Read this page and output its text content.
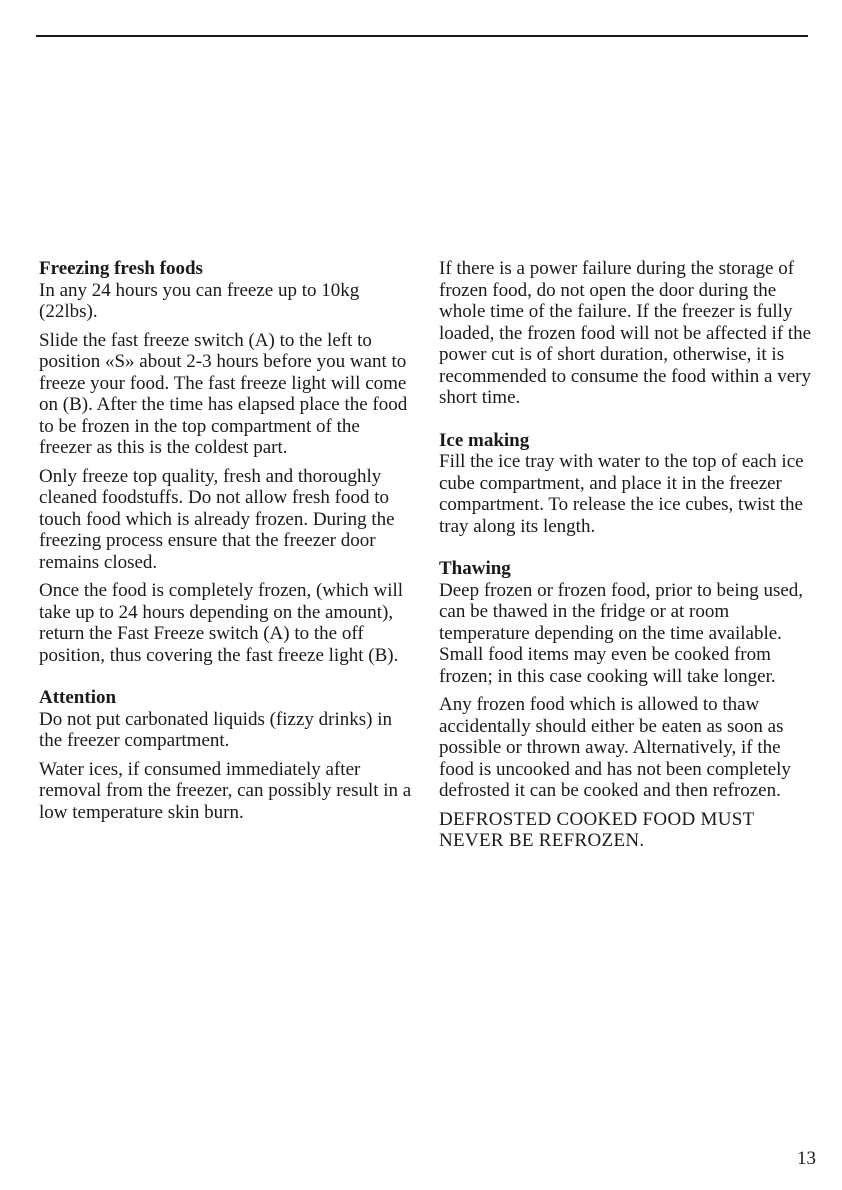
Freezing fresh foods

In any 24 hours you can freeze up to 10kg (22lbs).

Slide the fast freeze switch (A) to the left to position «S» about 2-3 hours before you want to freeze your food. The fast freeze light will come on (B). After the time has elapsed place the food to be frozen in the top compartment of the freezer as this is the coldest part.

Only freeze top quality, fresh and thoroughly cleaned foodstuffs. Do not allow fresh food to touch food which is already frozen. During the freezing process ensure that the freezer door remains closed.

Once the food is completely frozen, (which will take up to 24 hours depending on the amount), return the Fast Freeze switch (A) to the off position, thus covering the fast freeze light (B).

Attention

Do not put carbonated liquids (fizzy drinks) in the freezer compartment.

Water ices, if consumed immediately after removal from the freezer, can possibly result in a low temperature skin burn.

If there is a power failure during the storage of frozen food, do not open the door during the whole time of the failure. If the freezer is fully loaded, the frozen food will not be affected if the power cut is of short duration, otherwise, it is recommended to consume the food within a very short time.

Ice making

Fill the ice tray with water to the top of each ice cube compartment, and place it in the freezer compartment. To release the ice cubes, twist the tray along its length.

Thawing

Deep frozen or frozen food, prior to being used, can be thawed in the fridge or at room temperature depending on the time available. Small food items may even be cooked from frozen; in this case cooking will take longer.

Any frozen food which is allowed to thaw accidentally should either be eaten as soon as possible or thrown away. Alternatively, if the food is uncooked and has not been completely defrosted it can be cooked and then refrozen.

DEFROSTED COOKED FOOD MUST NEVER BE REFROZEN.

13
